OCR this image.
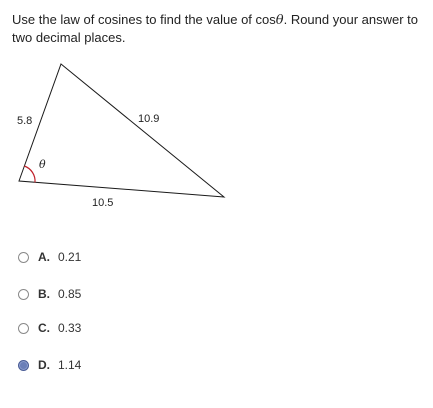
Use the law of cosines to find the value of cosθ. Round your answer to two decimal places.
5.8	10.9
10.5
θ
A. 0.21
B. 0.85
C. 0.33
D. 1.14
